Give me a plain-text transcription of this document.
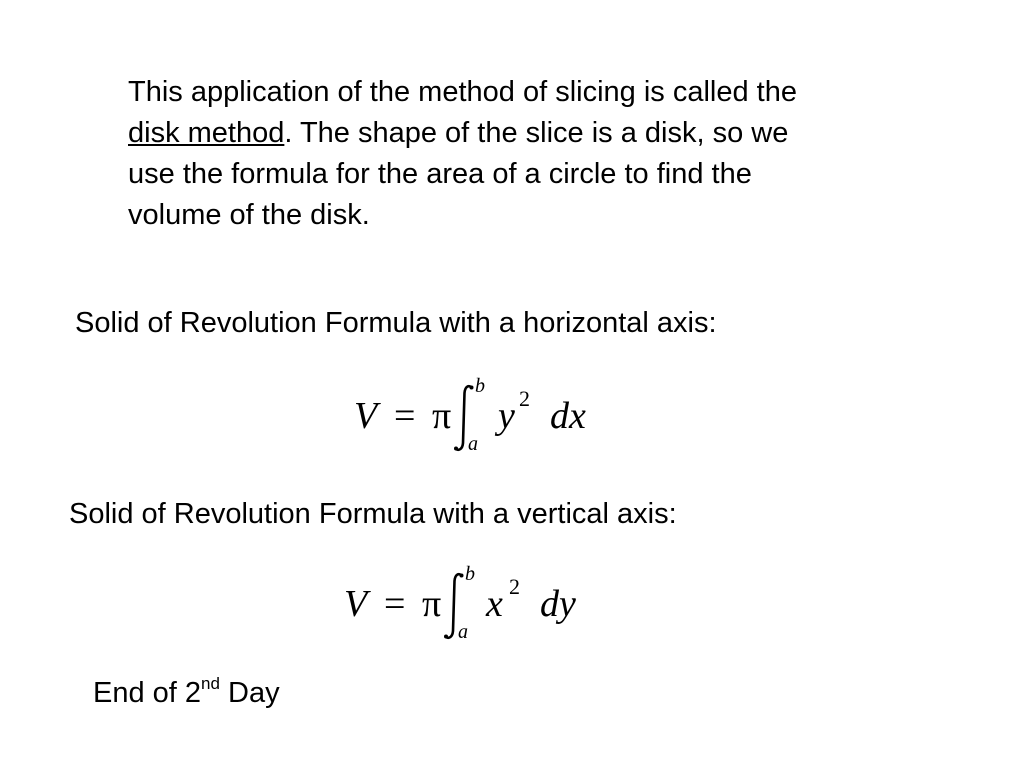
This application of the method of slicing is called the
disk method. The shape of the slice is a disk, so we
use the formula for the area of a circle to find the
volume of the disk.
Solid of Revolution Formula with a horizontal axis:
V = π
b
a
y 2 dx
Solid of Revolution Formula with a vertical axis:
V = π
b
a
x 2 dy
End of 2nd Day
